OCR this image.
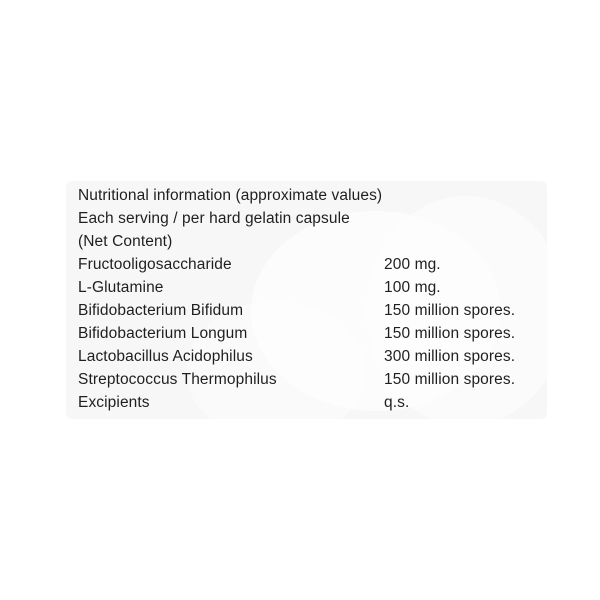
Nutritional information (approximate values)
Each serving / per hard gelatin capsule
(Net Content)
Fructooligosaccharide	200 mg.
L-Glutamine	100 mg.
Bifidobacterium Bifidum	150 million spores.
Bifidobacterium Longum	150 million spores.
Lactobacillus Acidophilus	300 million spores.
Streptococcus Thermophilus	150 million spores.
Excipients	q.s.
